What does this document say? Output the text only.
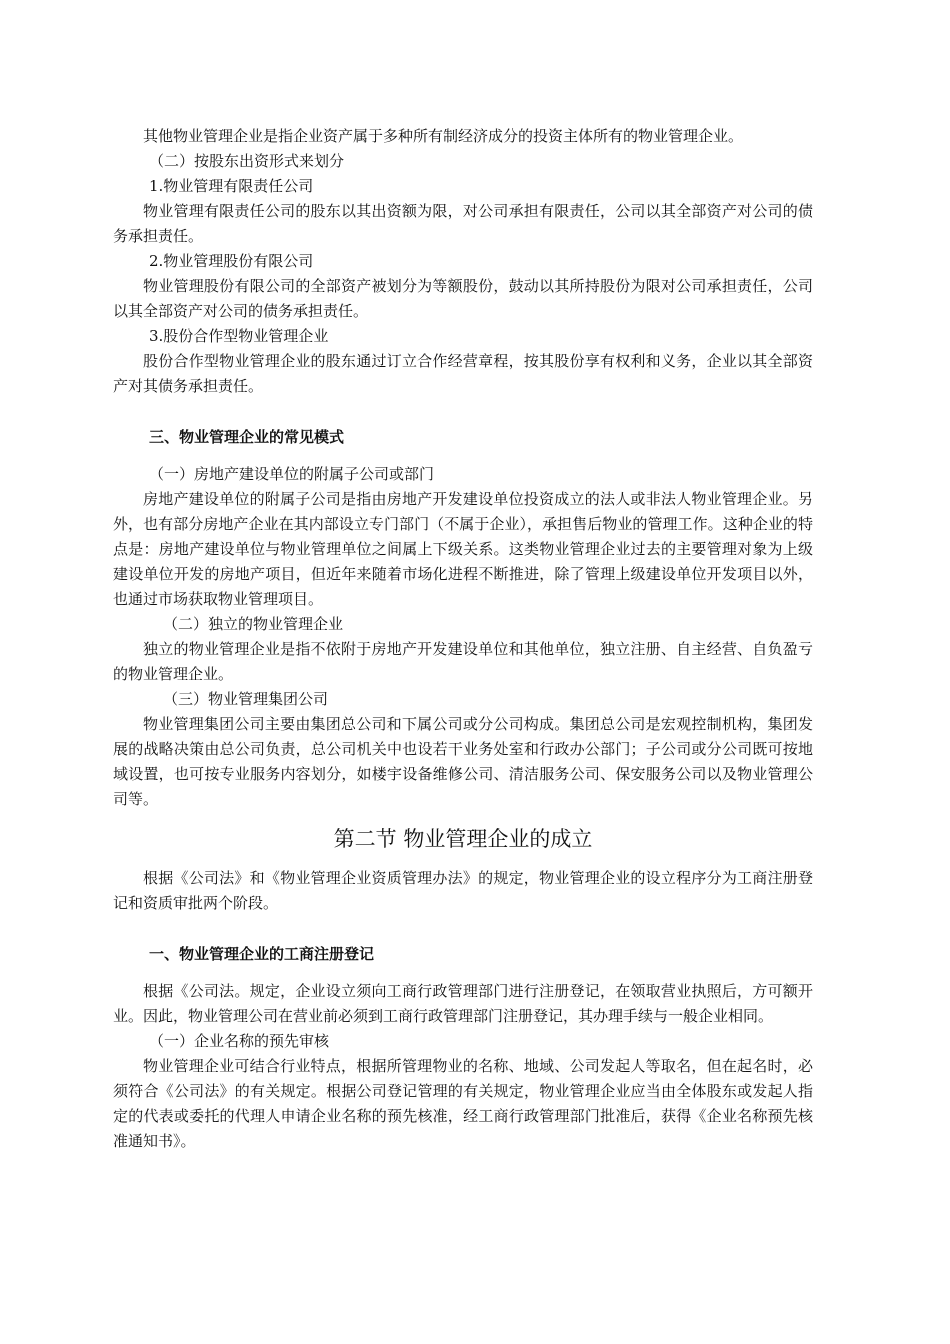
其他物业管理企业是指企业资产属于多种所有制经济成分的投资主体所有的物业管理企业。
（二）按股东出资形式来划分
1.物业管理有限责任公司
物业管理有限责任公司的股东以其出资额为限，对公司承担有限责任，公司以其全部资产对公司的债务承担责任。
2.物业管理股份有限公司
物业管理股份有限公司的全部资产被划分为等额股份，鼓动以其所持股份为限对公司承担责任，公司以其全部资产对公司的债务承担责任。
3.股份合作型物业管理企业
股份合作型物业管理企业的股东通过订立合作经营章程，按其股份享有权利和义务，企业以其全部资产对其债务承担责任。
三、物业管理企业的常见模式
（一）房地产建设单位的附属子公司或部门
房地产建设单位的附属子公司是指由房地产开发建设单位投资成立的法人或非法人物业管理企业。另外，也有部分房地产企业在其内部设立专门部门（不属于企业），承担售后物业的管理工作。这种企业的特点是：房地产建设单位与物业管理单位之间属上下级关系。这类物业管理企业过去的主要管理对象为上级建设单位开发的房地产项目，但近年来随着市场化进程不断推进，除了管理上级建设单位开发项目以外，也通过市场获取物业管理项目。
（二）独立的物业管理企业
独立的物业管理企业是指不依附于房地产开发建设单位和其他单位，独立注册、自主经营、自负盈亏的物业管理企业。
（三）物业管理集团公司
物业管理集团公司主要由集团总公司和下属公司或分公司构成。集团总公司是宏观控制机构，集团发展的战略决策由总公司负责，总公司机关中也设若干业务处室和行政办公部门；子公司或分公司既可按地域设置，也可按专业服务内容划分，如楼宇设备维修公司、清洁服务公司、保安服务公司以及物业管理公司等。
第二节 物业管理企业的成立
根据《公司法》和《物业管理企业资质管理办法》的规定，物业管理企业的设立程序分为工商注册登记和资质审批两个阶段。
一、物业管理企业的工商注册登记
根据《公司法。规定，企业设立须向工商行政管理部门进行注册登记，在领取营业执照后，方可额开业。因此，物业管理公司在营业前必须到工商行政管理部门注册登记，其办理手续与一般企业相同。
（一）企业名称的预先审核
物业管理企业可结合行业特点，根据所管理物业的名称、地域、公司发起人等取名，但在起名时，必须符合《公司法》的有关规定。根据公司登记管理的有关规定，物业管理企业应当由全体股东或发起人指定的代表或委托的代理人申请企业名称的预先核准，经工商行政管理部门批准后，获得《企业名称预先核准通知书》。
